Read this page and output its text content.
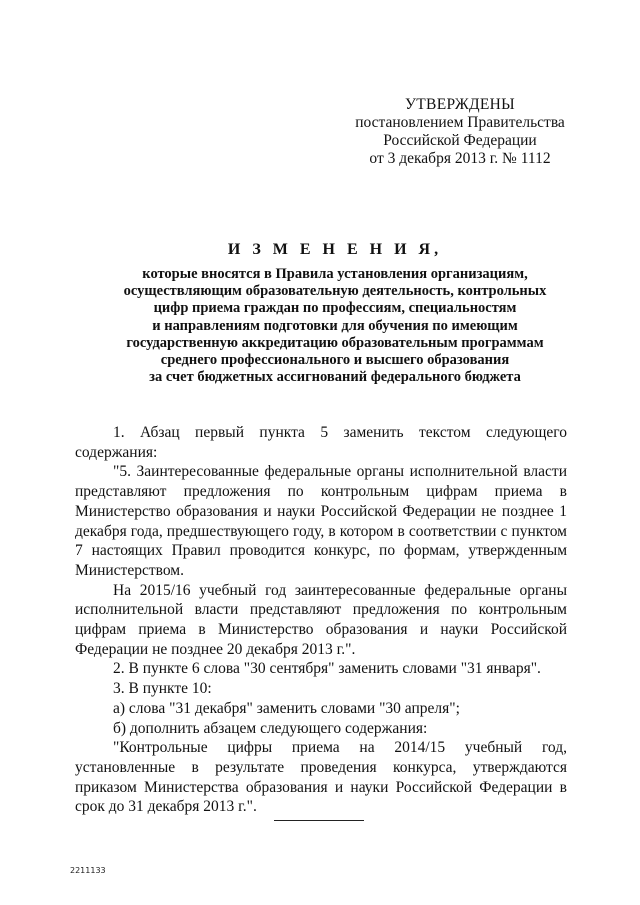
УТВЕРЖДЕНЫ
постановлением Правительства
Российской Федерации
от 3 декабря 2013 г. № 1112
И З М Е Н Е Н И Я,
которые вносятся в Правила установления организациям,
осуществляющим образовательную деятельность, контрольных
цифр приема граждан по профессиям, специальностям
и направлениям подготовки для обучения по имеющим
государственную аккредитацию образовательным программам
среднего профессионального и высшего образования
за счет бюджетных ассигнований федерального бюджета

1. Абзац первый пункта 5 заменить текстом следующего содержания:

"5. Заинтересованные федеральные органы исполнительной власти представляют предложения по контрольным цифрам приема в Министерство образования и науки Российской Федерации не позднее 1 декабря года, предшествующего году, в котором в соответствии с пунктом 7 настоящих Правил проводится конкурс, по формам, утвержденным Министерством.

На 2015/16 учебный год заинтересованные федеральные органы исполнительной власти представляют предложения по контрольным цифрам приема в Министерство образования и науки Российской Федерации не позднее 20 декабря 2013 г.".

2. В пункте 6 слова "30 сентября" заменить словами "31 января".

3. В пункте 10:

а) слова "31 декабря" заменить словами "30 апреля";

б) дополнить абзацем следующего содержания:

"Контрольные цифры приема на 2014/15 учебный год, установленные в результате проведения конкурса, утверждаются приказом Министерства образования и науки Российской Федерации в срок до 31 декабря 2013 г.".

2211133
